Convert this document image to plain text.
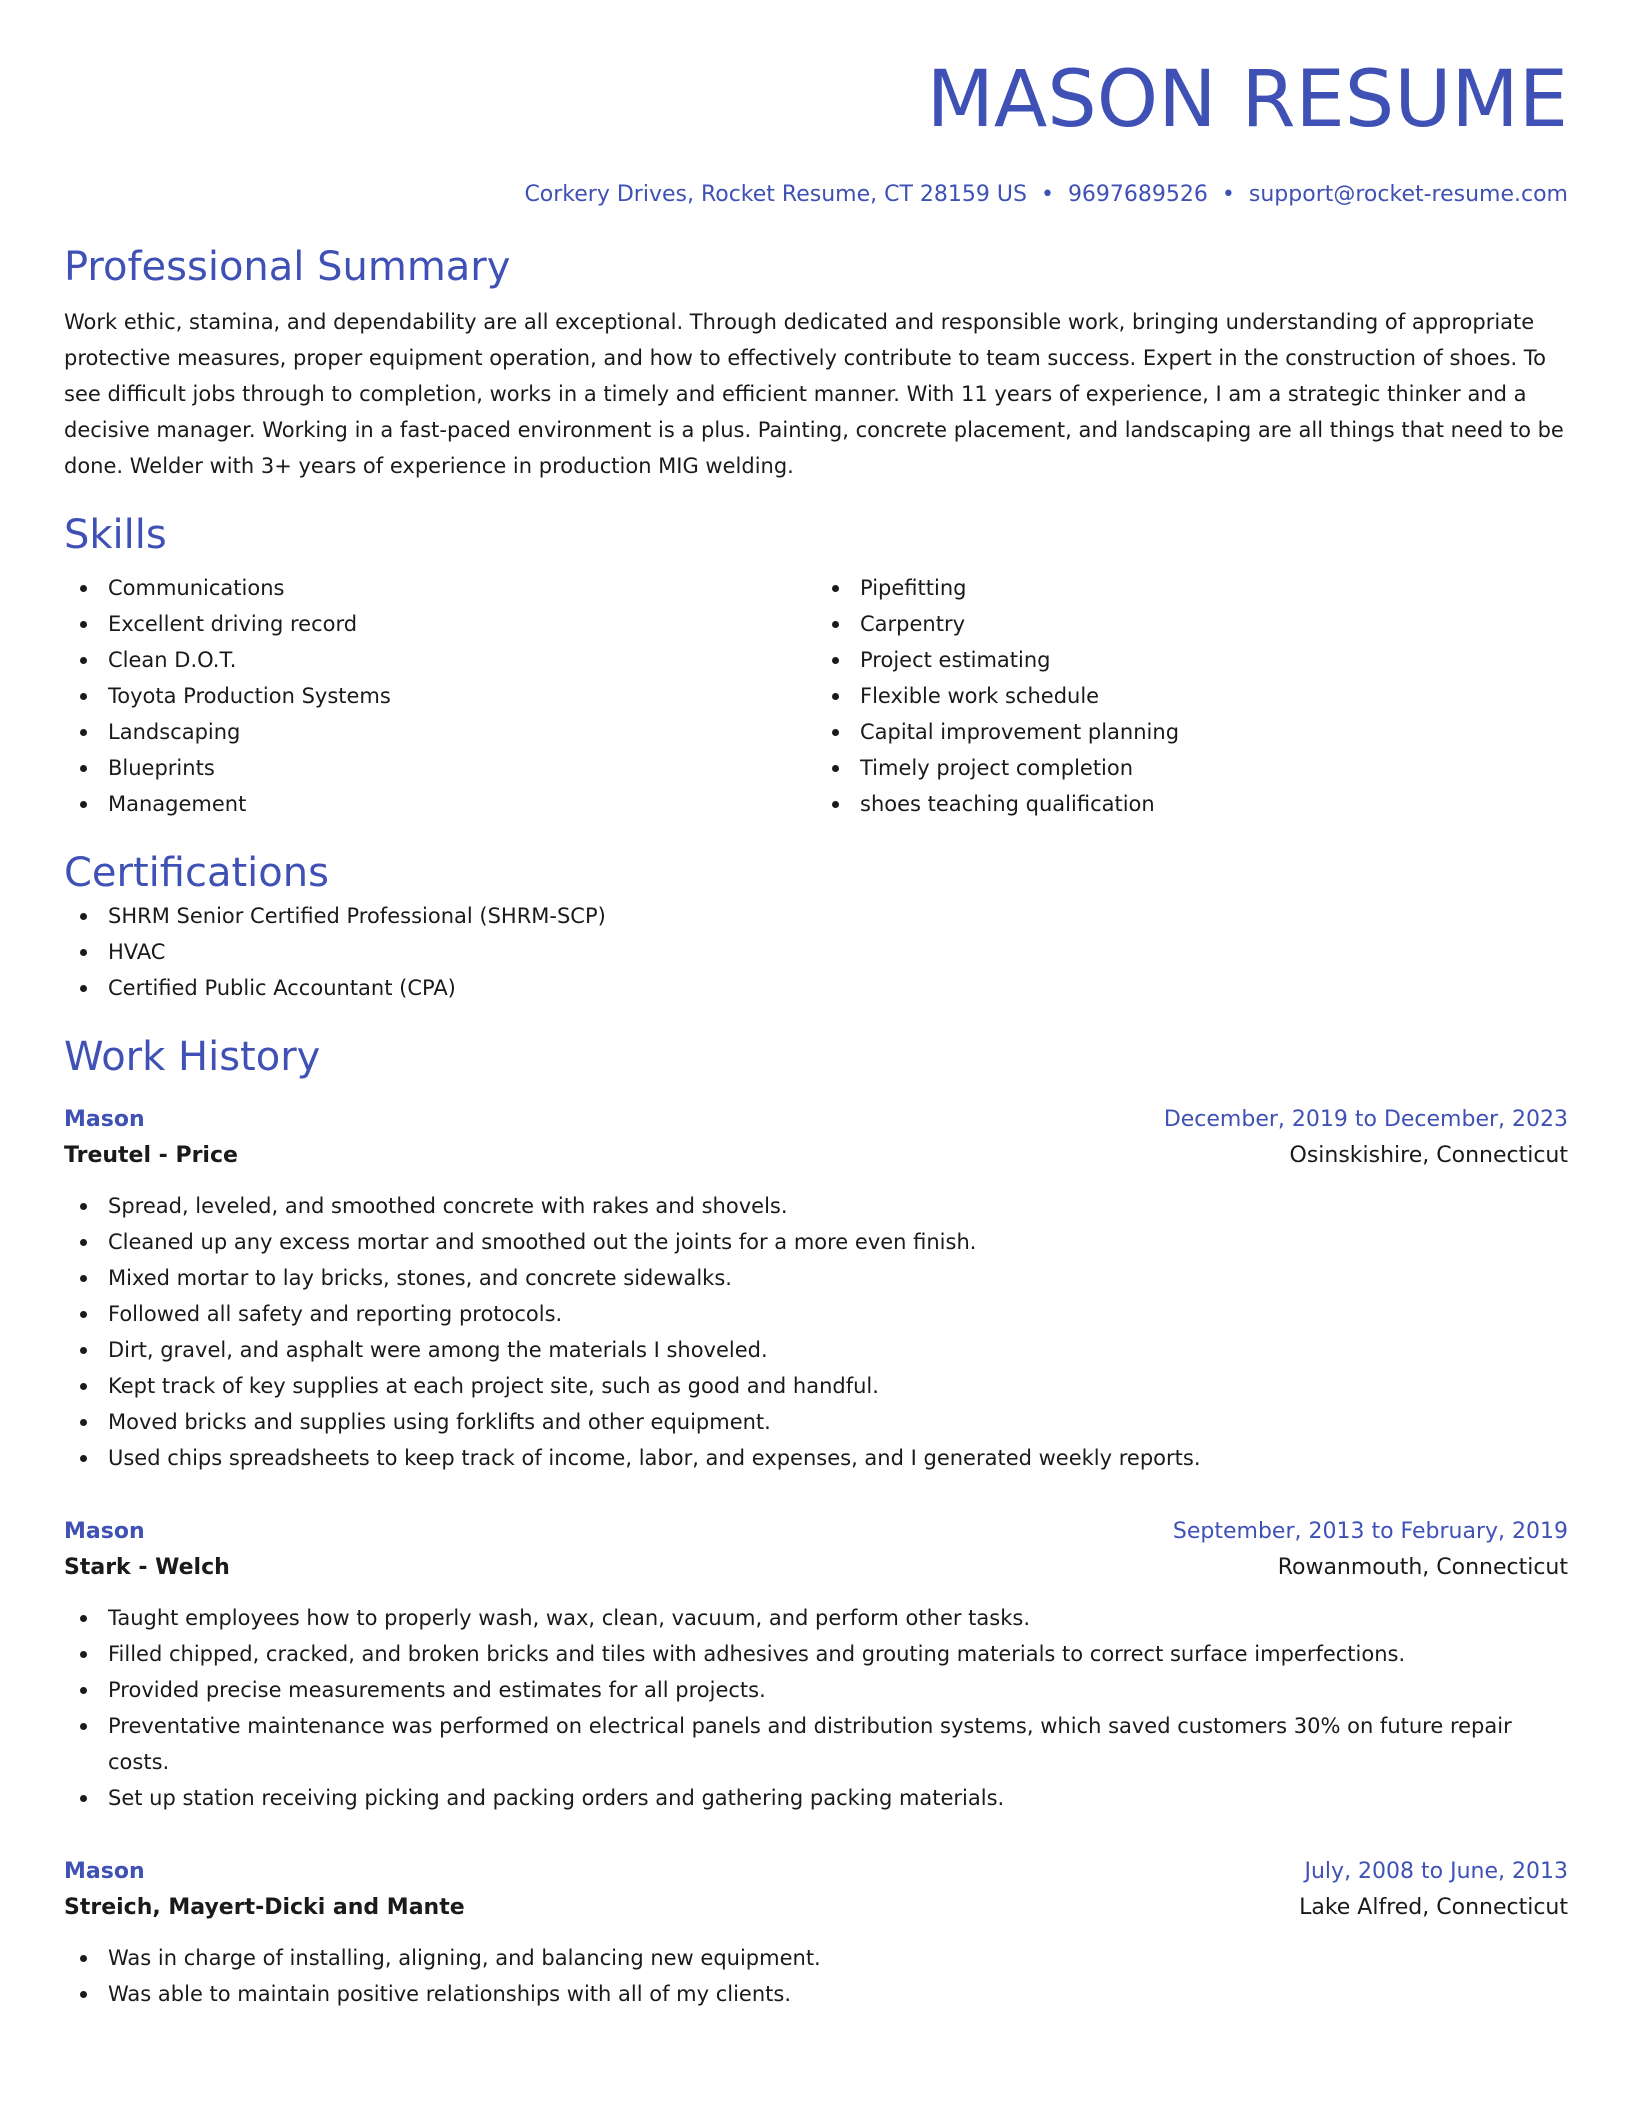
MASON RESUME
Corkery Drives, Rocket Resume, CT 28159 US • 9697689526 • support@rocket-resume.com
Professional Summary
Work ethic, stamina, and dependability are all exceptional. Through dedicated and responsible work, bringing understanding of appropriate protective measures, proper equipment operation, and how to effectively contribute to team success. Expert in the construction of shoes. To see difficult jobs through to completion, works in a timely and efficient manner. With 11 years of experience, I am a strategic thinker and a decisive manager. Working in a fast-paced environment is a plus. Painting, concrete placement, and landscaping are all things that need to be done. Welder with 3+ years of experience in production MIG welding.
Skills
Communications
Excellent driving record
Clean D.O.T.
Toyota Production Systems
Landscaping
Blueprints
Management
Pipefitting
Carpentry
Project estimating
Flexible work schedule
Capital improvement planning
Timely project completion
shoes teaching qualification
Certifications
SHRM Senior Certified Professional (SHRM-SCP)
HVAC
Certified Public Accountant (CPA)
Work History
Mason	December, 2019 to December, 2023
Treutel - Price	Osinskishire, Connecticut
Spread, leveled, and smoothed concrete with rakes and shovels.
Cleaned up any excess mortar and smoothed out the joints for a more even finish.
Mixed mortar to lay bricks, stones, and concrete sidewalks.
Followed all safety and reporting protocols.
Dirt, gravel, and asphalt were among the materials I shoveled.
Kept track of key supplies at each project site, such as good and handful.
Moved bricks and supplies using forklifts and other equipment.
Used chips spreadsheets to keep track of income, labor, and expenses, and I generated weekly reports.
Mason	September, 2013 to February, 2019
Stark - Welch	Rowanmouth, Connecticut
Taught employees how to properly wash, wax, clean, vacuum, and perform other tasks.
Filled chipped, cracked, and broken bricks and tiles with adhesives and grouting materials to correct surface imperfections.
Provided precise measurements and estimates for all projects.
Preventative maintenance was performed on electrical panels and distribution systems, which saved customers 30% on future repair costs.
Set up station receiving picking and packing orders and gathering packing materials.
Mason	July, 2008 to June, 2013
Streich, Mayert-Dicki and Mante	Lake Alfred, Connecticut
Was in charge of installing, aligning, and balancing new equipment.
Was able to maintain positive relationships with all of my clients.
